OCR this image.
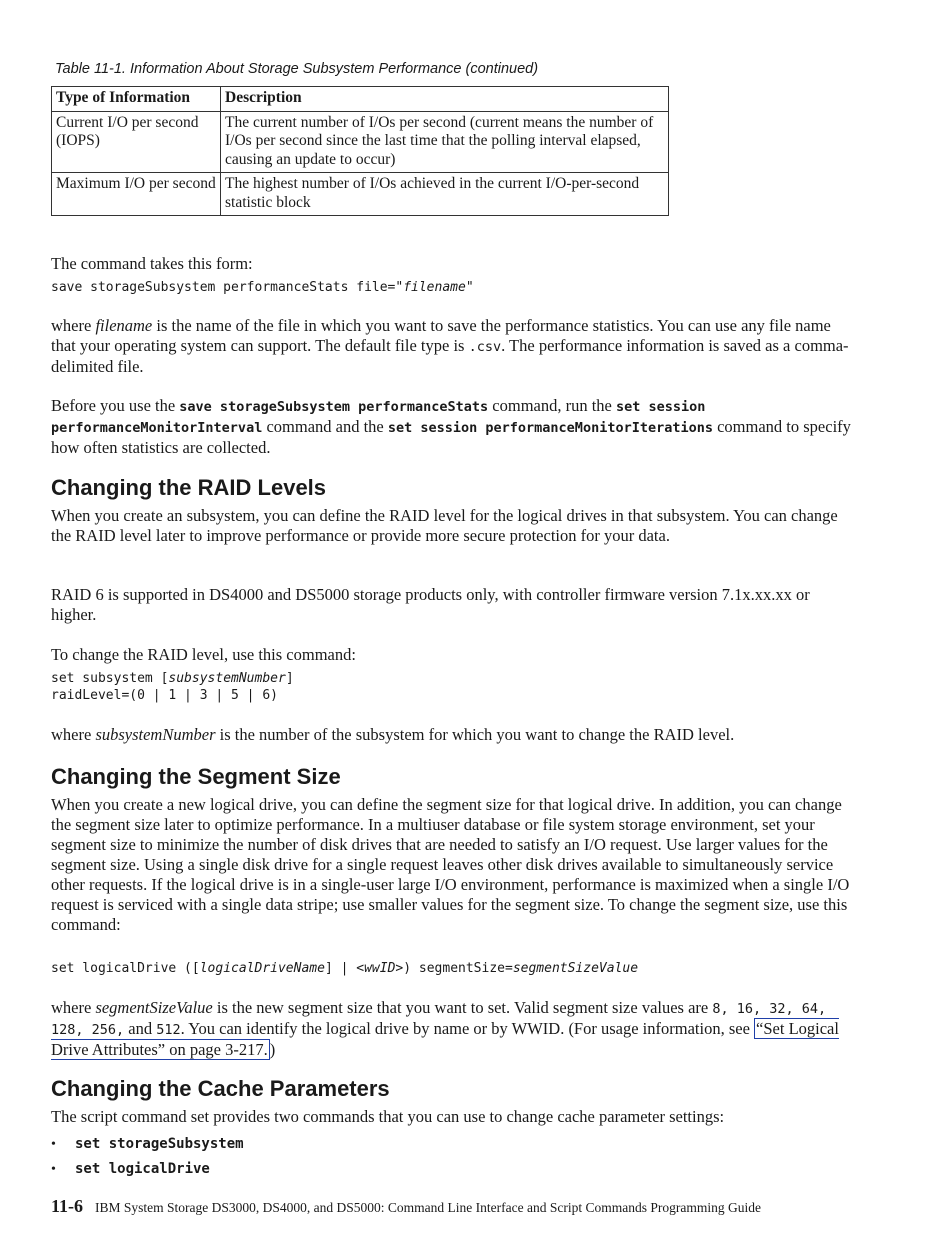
Table 11-1. Information About Storage Subsystem Performance (continued)
Type of Information	Description
Current I/O per second (IOPS)	The current number of I/Os per second (current means the number of I/Os per second since the last time that the polling interval elapsed, causing an update to occur)
Maximum I/O per second	The highest number of I/Os achieved in the current I/O-per-second statistic block

The command takes this form:

save storageSubsystem performanceStats file="filename"

where filename is the name of the file in which you want to save the performance statistics. You can use any file name that your operating system can support. The default file type is .csv. The performance information is saved as a comma-delimited file.

Before you use the save storageSubsystem performanceStats command, run the set session performanceMonitorInterval command and the set session performanceMonitorIterations command to specify how often statistics are collected.

Changing the RAID Levels

When you create an subsystem, you can define the RAID level for the logical drives in that subsystem. You can change the RAID level later to improve performance or provide more secure protection for your data.

RAID 6 is supported in DS4000 and DS5000 storage products only, with controller firmware version 7.1x.xx.xx or higher.

To change the RAID level, use this command:

set subsystem [subsystemNumber]
raidLevel=(0 | 1 | 3 | 5 | 6)

where subsystemNumber is the number of the subsystem for which you want to change the RAID level.

Changing the Segment Size

When you create a new logical drive, you can define the segment size for that logical drive. In addition, you can change the segment size later to optimize performance. In a multiuser database or file system storage environment, set your segment size to minimize the number of disk drives that are needed to satisfy an I/O request. Use larger values for the segment size. Using a single disk drive for a single request leaves other disk drives available to simultaneously service other requests. If the logical drive is in a single-user large I/O environment, performance is maximized when a single I/O request is serviced with a single data stripe; use smaller values for the segment size. To change the segment size, use this command:

set logicalDrive ([logicalDriveName] | <wwID>) segmentSize=segmentSizeValue

where segmentSizeValue is the new segment size that you want to set. Valid segment size values are 8, 16, 32, 64, 128, 256, and 512. You can identify the logical drive by name or by WWID. (For usage information, see “Set Logical Drive Attributes” on page 3-217. )

Changing the Cache Parameters

The script command set provides two commands that you can use to change cache parameter settings:

• set storageSubsystem
• set logicalDrive
11-6 IBM System Storage DS3000, DS4000, and DS5000: Command Line Interface and Script Commands Programming Guide
